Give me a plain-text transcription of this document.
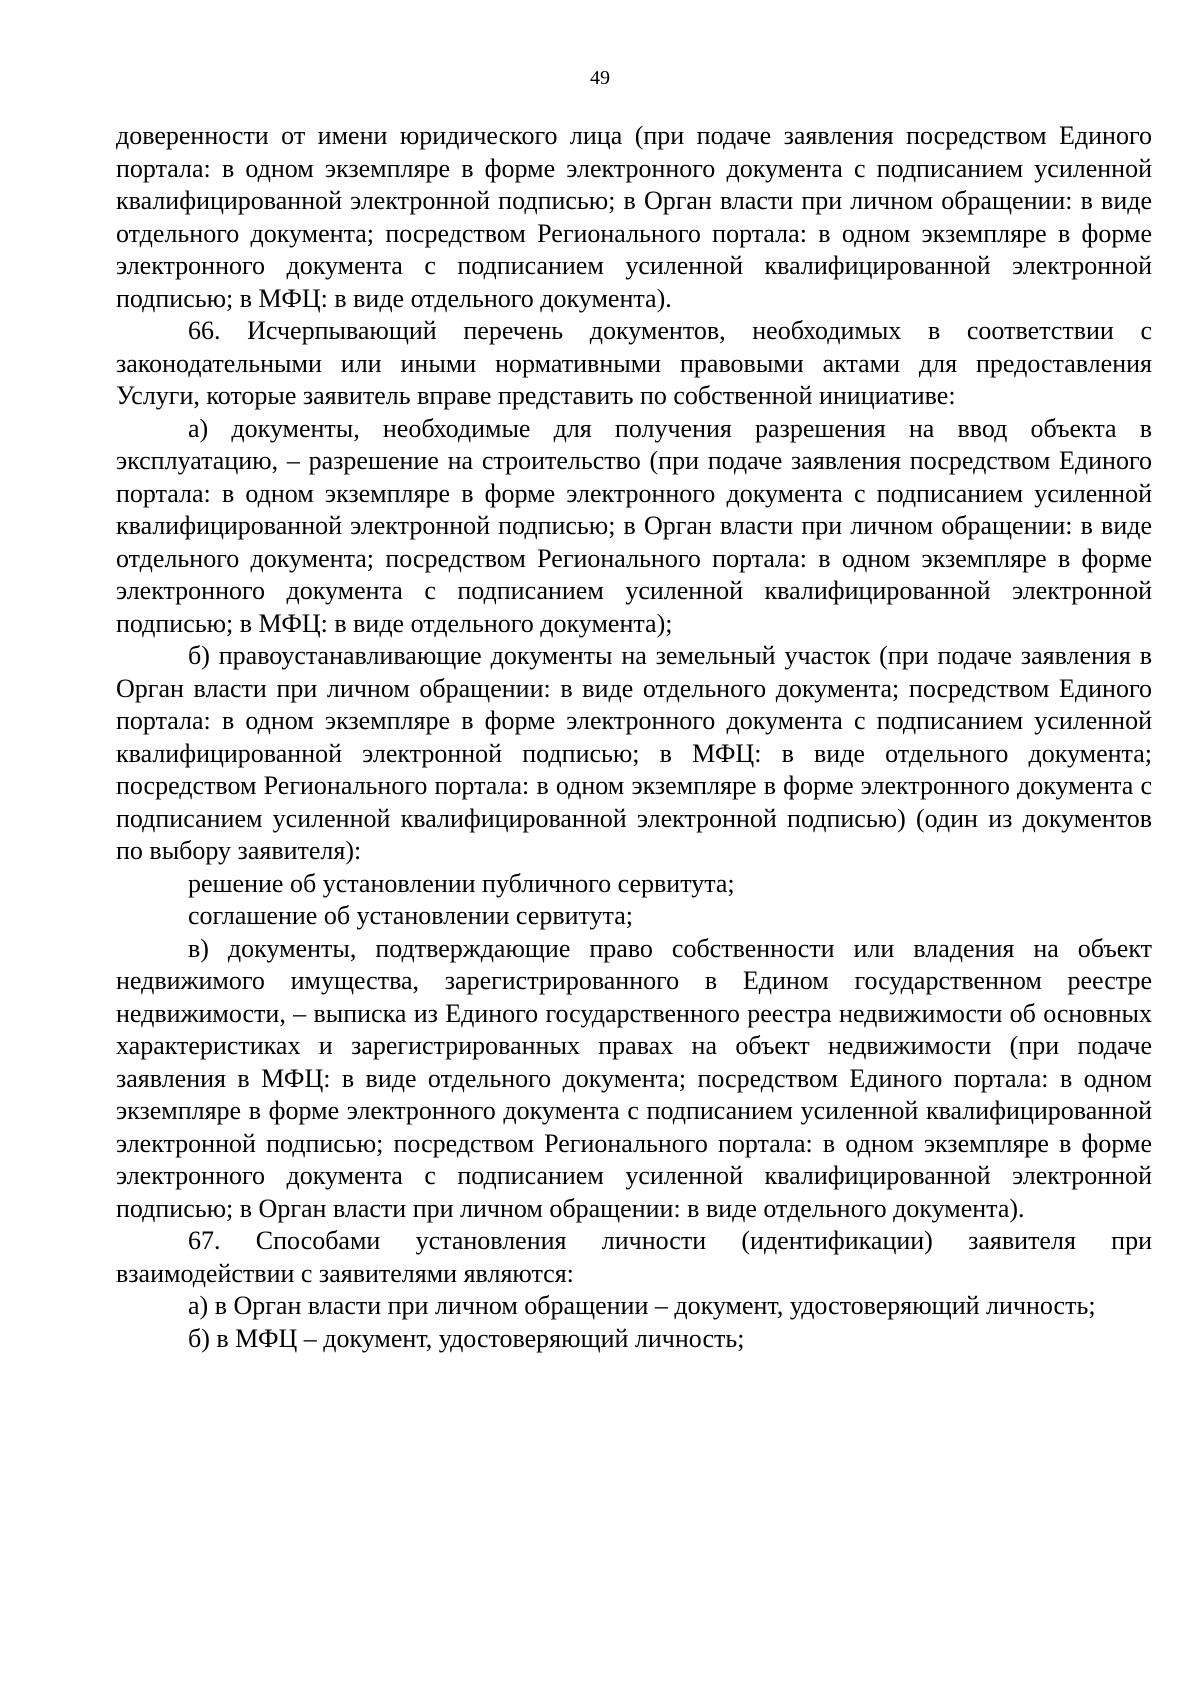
49

доверенности от имени юридического лица (при подаче заявления посредством Единого портала: в одном экземпляре в форме электронного документа с подписанием усиленной квалифицированной электронной подписью; в Орган власти при личном обращении: в виде отдельного документа; посредством Регионального портала: в одном экземпляре в форме электронного документа с подписанием усиленной квалифицированной электронной подписью; в МФЦ: в виде отдельного документа).

66. Исчерпывающий перечень документов, необходимых в соответствии с законодательными или иными нормативными правовыми актами для предоставления Услуги, которые заявитель вправе представить по собственной инициативе:

а) документы, необходимые для получения разрешения на ввод объекта в эксплуатацию, – разрешение на строительство (при подаче заявления посредством Единого портала: в одном экземпляре в форме электронного документа с подписанием усиленной квалифицированной электронной подписью; в Орган власти при личном обращении: в виде отдельного документа; посредством Регионального портала: в одном экземпляре в форме электронного документа с подписанием усиленной квалифицированной электронной подписью; в МФЦ: в виде отдельного документа);

б) правоустанавливающие документы на земельный участок (при подаче заявления в Орган власти при личном обращении: в виде отдельного документа; посредством Единого портала: в одном экземпляре в форме электронного документа с подписанием усиленной квалифицированной электронной подписью; в МФЦ: в виде отдельного документа; посредством Регионального портала: в одном экземпляре в форме электронного документа с подписанием усиленной квалифицированной электронной подписью) (один из документов по выбору заявителя):

решение об установлении публичного сервитута;

соглашение об установлении сервитута;

в) документы, подтверждающие право собственности или владения на объект недвижимого имущества, зарегистрированного в Едином государственном реестре недвижимости, – выписка из Единого государственного реестра недвижимости об основных характеристиках и зарегистрированных правах на объект недвижимости (при подаче заявления в МФЦ: в виде отдельного документа; посредством Единого портала: в одном экземпляре в форме электронного документа с подписанием усиленной квалифицированной электронной подписью; посредством Регионального портала: в одном экземпляре в форме электронного документа с подписанием усиленной квалифицированной электронной подписью; в Орган власти при личном обращении: в виде отдельного документа).

67. Способами установления личности (идентификации) заявителя при взаимодействии с заявителями являются:

а) в Орган власти при личном обращении – документ, удостоверяющий личность;

б) в МФЦ – документ, удостоверяющий личность;
